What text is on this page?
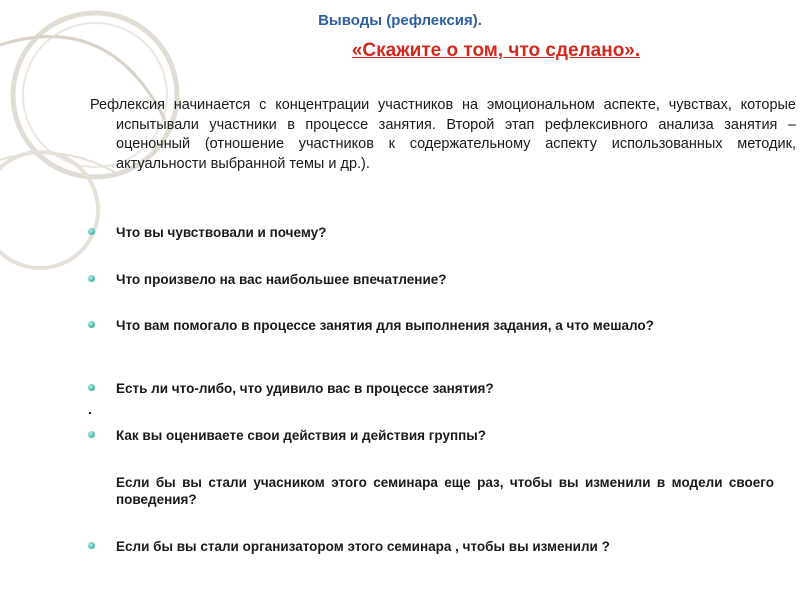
Выводы (рефлексия).
«Скажите о том, что сделано».
Рефлексия начинается с концентрации участников на эмоциональном аспекте, чувствах, которые испытывали участники в процессе занятия. Второй этап рефлексивного анализа занятия – оценочный (отношение участников к содержательному аспекту использованных методик, актуальности выбранной темы и др.).
Что вы чувствовали и почему?
Что произвело на вас наибольшее впечатление?
Что вам помогало в процессе занятия для выполнения задания, а что мешало?
Есть ли что-либо, что удивило вас в процессе занятия?
.
Как вы оцениваете свои действия и действия группы?
Если бы вы стали учасником этого семинара еще раз, чтобы вы изменили в модели своего поведения?
Если бы вы стали организатором этого семинара , чтобы вы изменили ?
